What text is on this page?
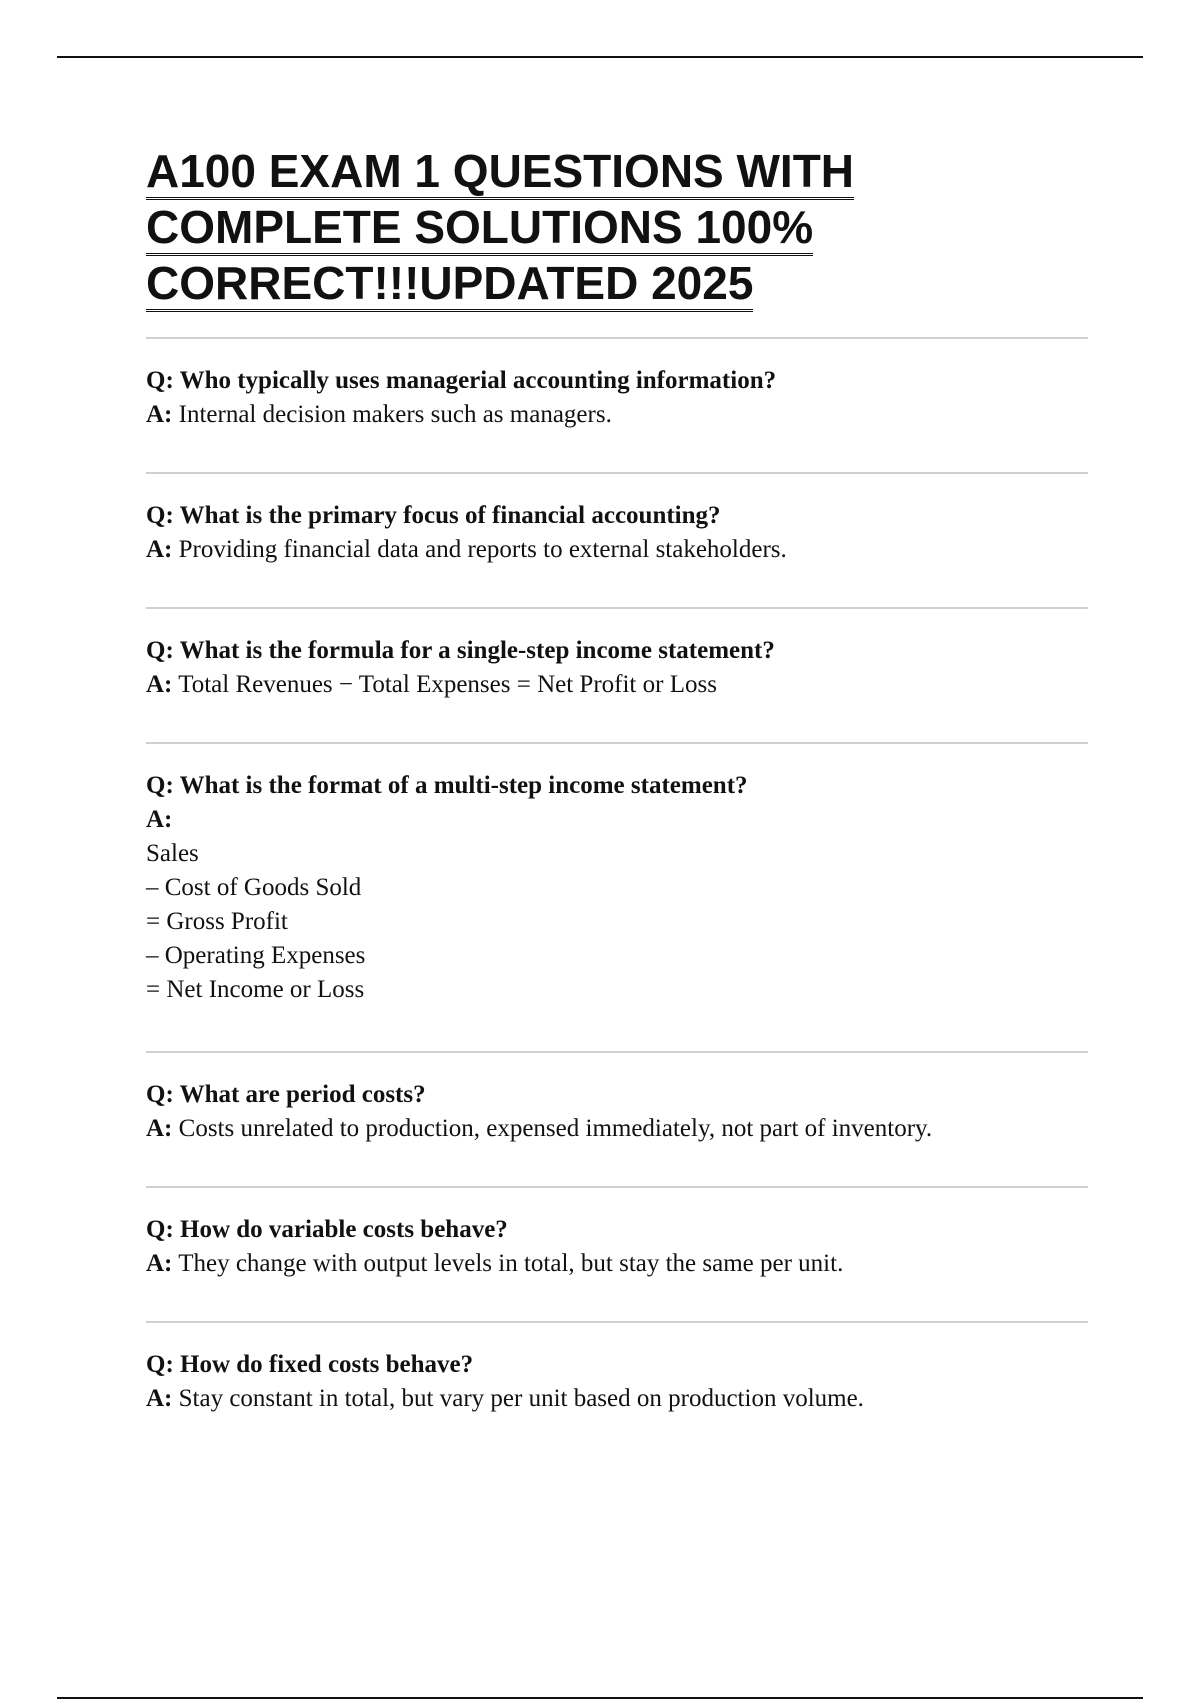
A100 EXAM 1 QUESTIONS WITH
COMPLETE SOLUTIONS 100%
CORRECT!!!UPDATED 2025
Q: Who typically uses managerial accounting information?
A: Internal decision makers such as managers.
Q: What is the primary focus of financial accounting?
A: Providing financial data and reports to external stakeholders.
Q: What is the formula for a single-step income statement?
A: Total Revenues − Total Expenses = Net Profit or Loss
Q: What is the format of a multi-step income statement?
A:
Sales
– Cost of Goods Sold
= Gross Profit
– Operating Expenses
= Net Income or Loss
Q: What are period costs?
A: Costs unrelated to production, expensed immediately, not part of inventory.
Q: How do variable costs behave?
A: They change with output levels in total, but stay the same per unit.
Q: How do fixed costs behave?
A: Stay constant in total, but vary per unit based on production volume.
